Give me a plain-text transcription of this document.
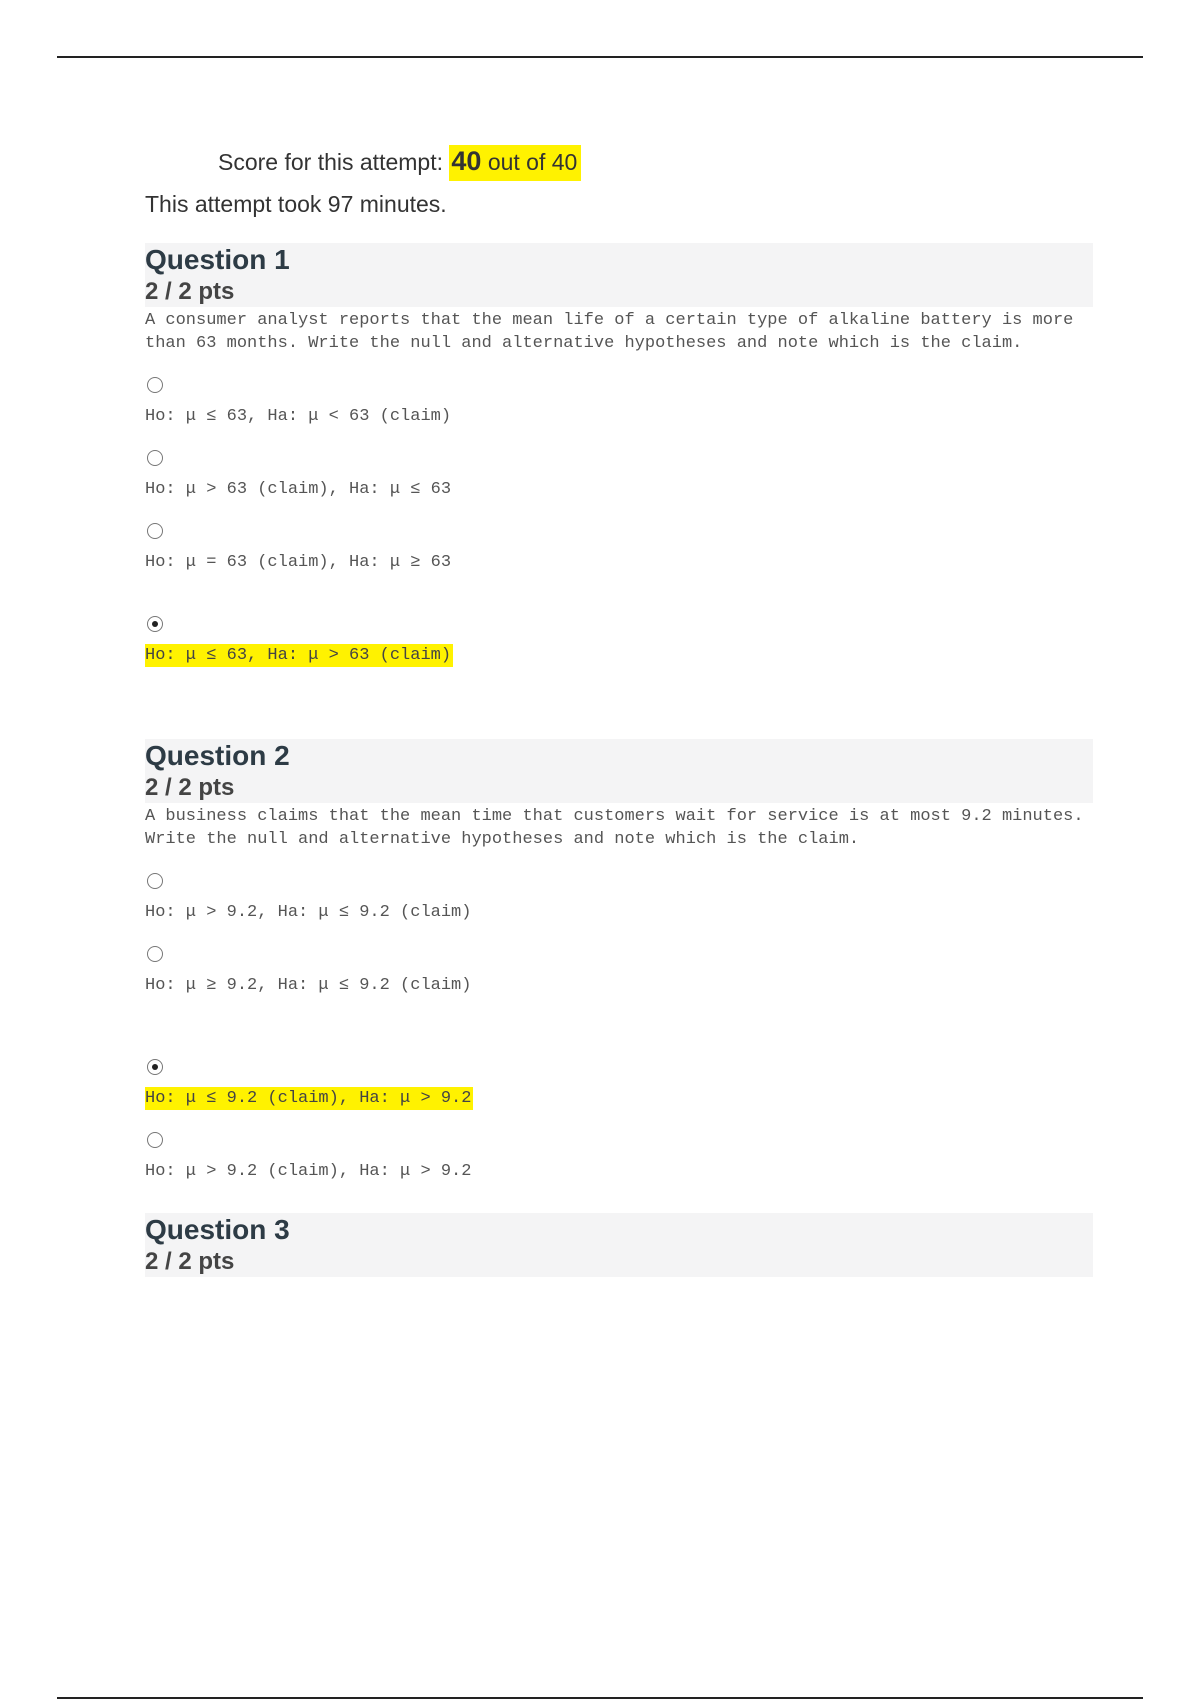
Score for this attempt: 40 out of 40
This attempt took 97 minutes.
Question 1
2 / 2 pts
A consumer analyst reports that the mean life of a certain type of alkaline battery is more than 63 months. Write the null and alternative hypotheses and note which is the claim.
Ho: μ ≤ 63, Ha: μ < 63 (claim)
Ho: μ > 63 (claim), Ha: μ ≤ 63
Ho: μ = 63 (claim), Ha: μ ≥ 63
Ho: μ ≤ 63, Ha: μ > 63 (claim)
Question 2
2 / 2 pts
A business claims that the mean time that customers wait for service is at most 9.2 minutes. Write the null and alternative hypotheses and note which is the claim.
Ho: μ > 9.2, Ha: μ ≤ 9.2 (claim)
Ho: μ ≥ 9.2, Ha: μ ≤ 9.2 (claim)
Ho: μ ≤ 9.2 (claim), Ha: μ > 9.2
Ho: μ > 9.2 (claim), Ha: μ > 9.2
Question 3
2 / 2 pts
